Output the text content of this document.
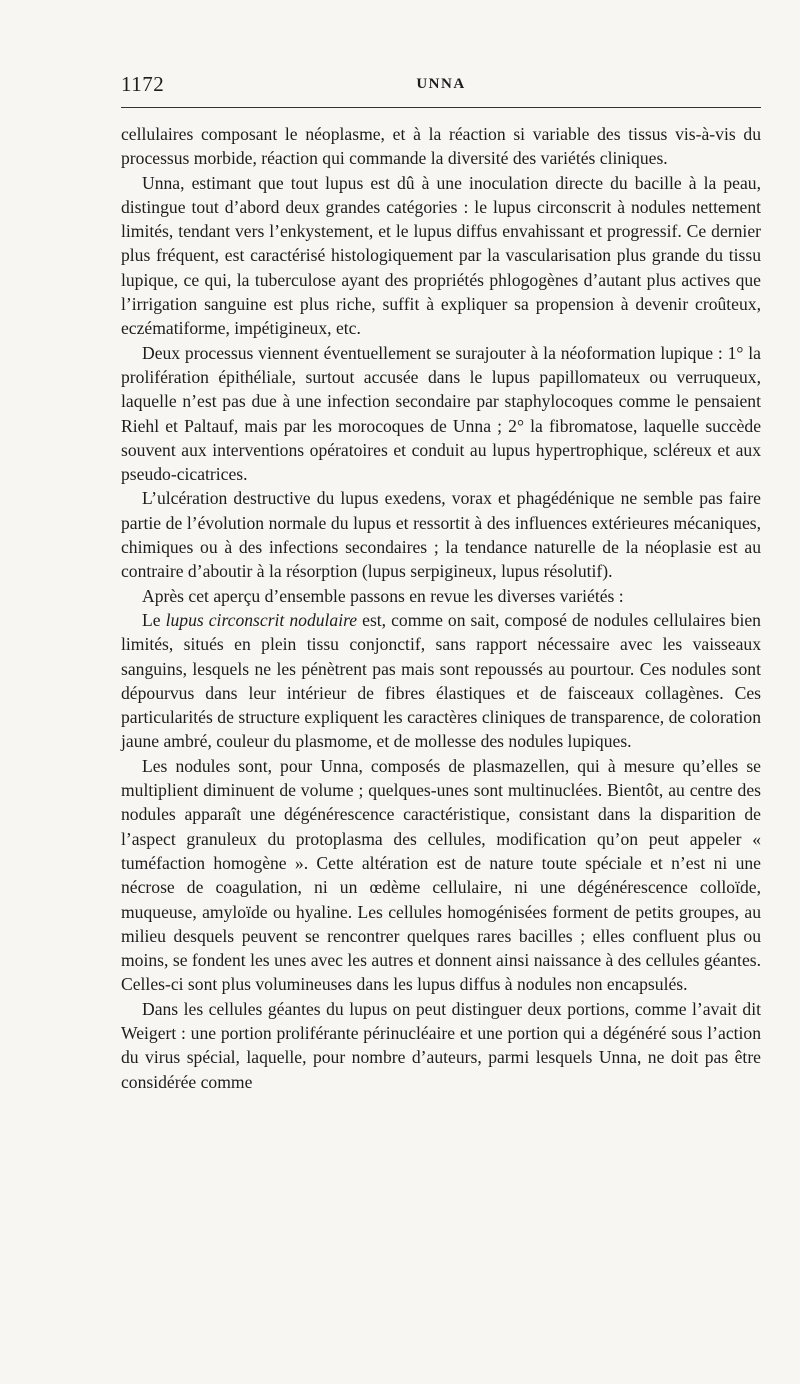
1172	UNNA

cellulaires composant le néoplasme, et à la réaction si variable des tissus vis-à-vis du processus morbide, réaction qui commande la diversité des variétés cliniques.

Unna, estimant que tout lupus est dû à une inoculation directe du bacille à la peau, distingue tout d’abord deux grandes catégories : le lupus circonscrit à nodules nettement limités, tendant vers l’enkystement, et le lupus diffus envahissant et progressif. Ce dernier plus fréquent, est caractérisé histologiquement par la vascularisation plus grande du tissu lupique, ce qui, la tuberculose ayant des propriétés phlogogènes d’autant plus actives que l’irrigation sanguine est plus riche, suffit à expliquer sa propension à devenir croûteux, eczématiforme, impétigineux, etc.

Deux processus viennent éventuellement se surajouter à la néoformation lupique : 1° la prolifération épithéliale, surtout accusée dans le lupus papillomateux ou verruqueux, laquelle n’est pas due à une infection secondaire par staphylocoques comme le pensaient Riehl et Paltauf, mais par les morocoques de Unna ; 2° la fibromatose, laquelle succède souvent aux interventions opératoires et conduit au lupus hypertrophique, scléreux et aux pseudo-cicatrices.

L’ulcération destructive du lupus exedens, vorax et phagédénique ne semble pas faire partie de l’évolution normale du lupus et ressortit à des influences extérieures mécaniques, chimiques ou à des infections secondaires ; la tendance naturelle de la néoplasie est au contraire d’aboutir à la résorption (lupus serpigineux, lupus résolutif).

Après cet aperçu d’ensemble passons en revue les diverses variétés :

Le lupus circonscrit nodulaire est, comme on sait, composé de nodules cellulaires bien limités, situés en plein tissu conjonctif, sans rapport nécessaire avec les vaisseaux sanguins, lesquels ne les pénètrent pas mais sont repoussés au pourtour. Ces nodules sont dépourvus dans leur intérieur de fibres élastiques et de faisceaux collagènes. Ces particularités de structure expliquent les caractères cliniques de transparence, de coloration jaune ambré, couleur du plasmome, et de mollesse des nodules lupiques.

Les nodules sont, pour Unna, composés de plasmazellen, qui à mesure qu’elles se multiplient diminuent de volume ; quelques-unes sont multinuclées. Bientôt, au centre des nodules apparaît une dégénérescence caractéristique, consistant dans la disparition de l’aspect granuleux du protoplasma des cellules, modification qu’on peut appeler « tuméfaction homogène ». Cette altération est de nature toute spéciale et n’est ni une nécrose de coagulation, ni un œdème cellulaire, ni une dégénérescence colloïde, muqueuse, amyloïde ou hyaline. Les cellules homogénisées forment de petits groupes, au milieu desquels peuvent se rencontrer quelques rares bacilles ; elles confluent plus ou moins, se fondent les unes avec les autres et donnent ainsi naissance à des cellules géantes. Celles-ci sont plus volumineuses dans les lupus diffus à nodules non encapsulés.

Dans les cellules géantes du lupus on peut distinguer deux portions, comme l’avait dit Weigert : une portion proliférante périnucléaire et une portion qui a dégénéré sous l’action du virus spécial, laquelle, pour nombre d’auteurs, parmi lesquels Unna, ne doit pas être considérée comme
